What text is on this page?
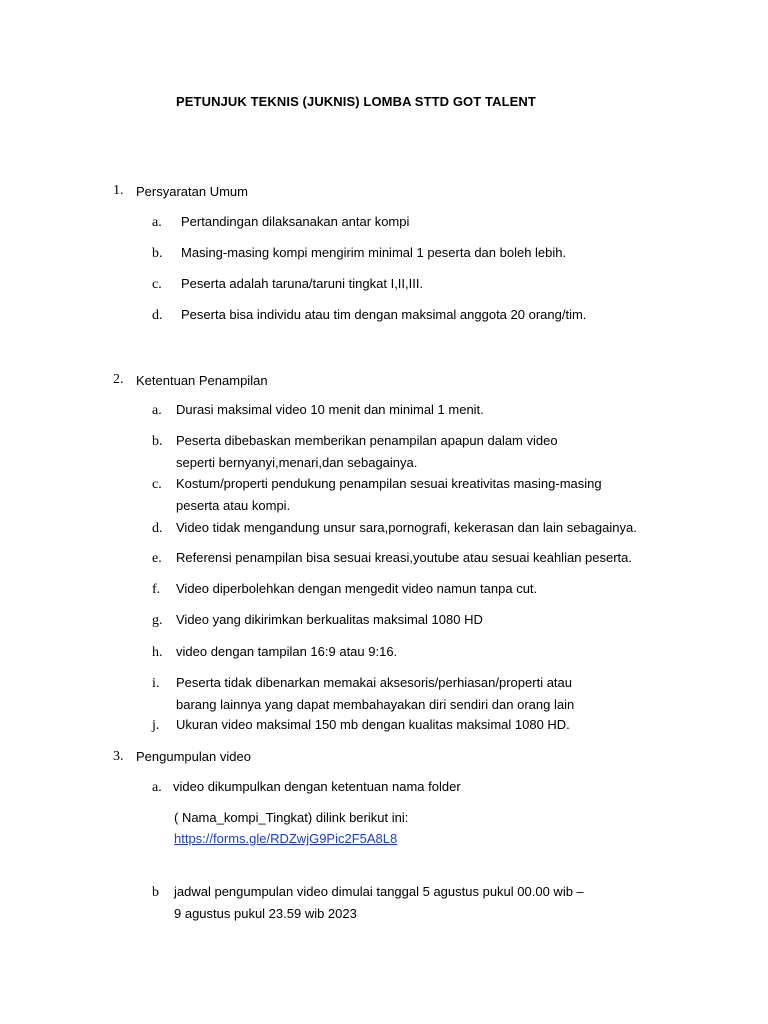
PETUNJUK TEKNIS (JUKNIS) LOMBA STTD GOT TALENT
1. Persyaratan Umum
a. Pertandingan dilaksanakan antar kompi
b. Masing-masing kompi mengirim minimal 1 peserta dan boleh lebih.
c. Peserta adalah taruna/taruni tingkat I,II,III.
d. Peserta bisa individu atau tim dengan maksimal anggota 20 orang/tim.
2. Ketentuan Penampilan
a. Durasi maksimal video 10 menit dan minimal 1 menit.
b. Peserta dibebaskan memberikan penampilan apapun dalam video
seperti bernyanyi,menari,dan sebagainya.
c. Kostum/properti pendukung penampilan sesuai kreativitas masing-masing
peserta atau kompi.
d. Video tidak mengandung unsur sara,pornografi, kekerasan dan lain sebagainya.
e. Referensi penampilan bisa sesuai kreasi,youtube atau sesuai keahlian peserta.
f. Video diperbolehkan dengan mengedit video namun tanpa cut.
g. Video yang dikirimkan berkualitas maksimal 1080 HD
h. video dengan tampilan 16:9 atau 9:16.
i. Peserta tidak dibenarkan memakai aksesoris/perhiasan/properti atau
barang lainnya yang dapat membahayakan diri sendiri dan orang lain
j. Ukuran video maksimal 150 mb dengan kualitas maksimal 1080 HD.
3. Pengumpulan video
a. video dikumpulkan dengan ketentuan nama folder
( Nama_kompi_Tingkat) dilink berikut ini:
https://forms.gle/RDZwjG9Pic2F5A8L8
b jadwal pengumpulan video dimulai tanggal 5 agustus pukul 00.00 wib –
9 agustus pukul 23.59 wib 2023
